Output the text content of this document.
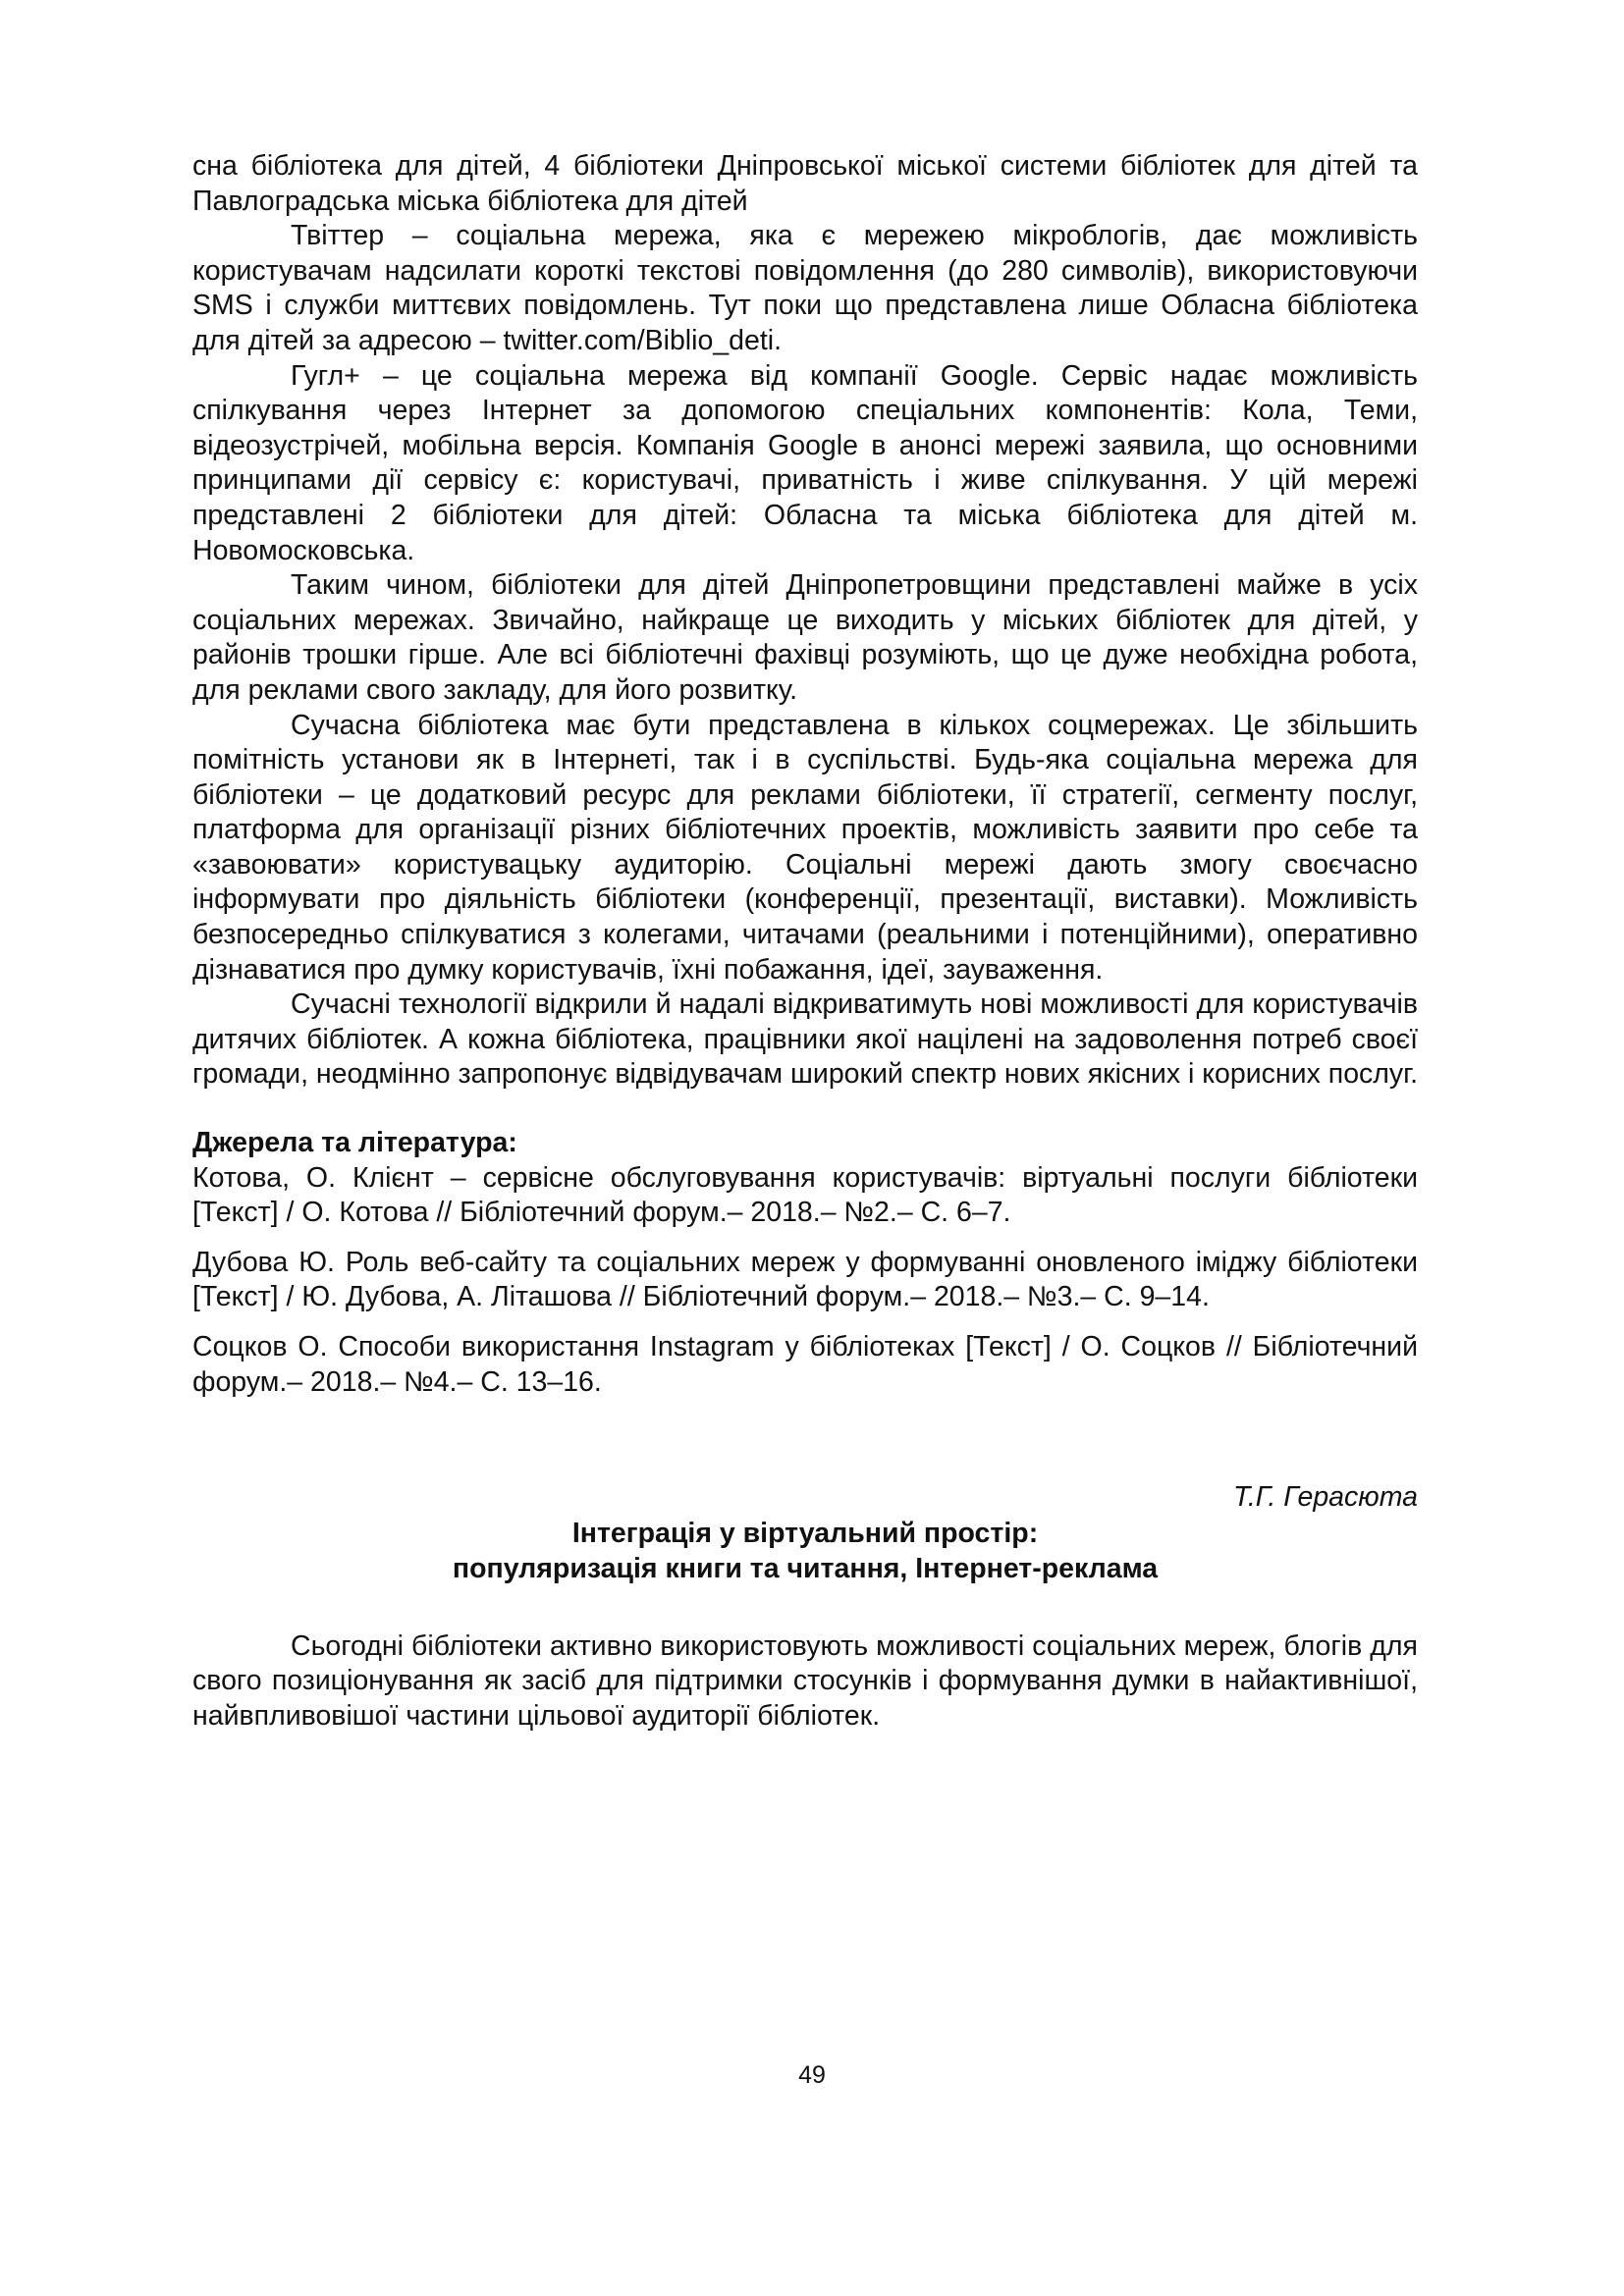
сна бібліотека для дітей, 4 бібліотеки Дніпровської міської системи бібліотек для дітей та Павлоградська міська бібліотека для дітей

Твіттер – соціальна мережа, яка є мережею мікроблогів, дає можливість користувачам надсилати короткі текстові повідомлення (до 280 символів), використовуючи SMS і служби миттєвих повідомлень. Тут поки що представлена лише Обласна бібліотека для дітей за адресою – twitter.com/Biblio_deti.

Гугл+ – це соціальна мережа від компанії Google. Сервіс надає можливість спілкування через Інтернет за допомогою спеціальних компонентів: Кола, Теми, відеозустрічей, мобільна версія. Компанія Google в анонсі мережі заявила, що основними принципами дії сервісу є: користувачі, приватність і живе спілкування. У цій мережі представлені 2 бібліотеки для дітей: Обласна та міська бібліотека для дітей м. Новомосковська.

Таким чином, бібліотеки для дітей Дніпропетровщини представлені майже в усіх соціальних мережах. Звичайно, найкраще це виходить у міських бібліотек для дітей, у районів трошки гірше. Але всі бібліотечні фахівці розуміють, що це дуже необхідна робота, для реклами свого закладу, для його розвитку.

Сучасна бібліотека має бути представлена в кількох соцмережах. Це збільшить помітність установи як в Інтернеті, так і в суспільстві. Будь-яка соціальна мережа для бібліотеки – це додатковий ресурс для реклами бібліотеки, її стратегії, сегменту послуг, платформа для організації різних бібліотечних проектів, можливість заявити про себе та «завоювати» користувацьку аудиторію. Соціальні мережі дають змогу своєчасно інформувати про діяльність бібліотеки (конференції, презентації, виставки). Можливість безпосередньо спілкуватися з колегами, читачами (реальними і потенційними), оперативно дізнаватися про думку користувачів, їхні побажання, ідеї, зауваження.

Сучасні технології відкрили й надалі відкриватимуть нові можливості для користувачів дитячих бібліотек. А кожна бібліотека, працівники якої націлені на задоволення потреб своєї громади, неодмінно запропонує відвідувачам широкий спектр нових якісних і корисних послуг.

Джерела та література:

Котова, О. Клієнт – сервісне обслуговування користувачів: віртуальні послуги бібліотеки [Текст] / О. Котова // Бібліотечний форум.– 2018.– №2.– С. 6–7.

Дубова Ю. Роль веб-сайту та соціальних мереж у формуванні оновленого іміджу бібліотеки [Текст] / Ю. Дубова, А. Літашова // Бібліотечний форум.– 2018.– №3.– С. 9–14.

Соцков О. Способи використання Instagram у бібліотеках [Текст] / О. Соцков // Бібліотечний форум.– 2018.– №4.– С. 13–16.

Т.Г. Герасюта

Інтеграція у віртуальний простір:

популяризація книги та читання, Інтернет-реклама

Сьогодні бібліотеки активно використовують можливості соціальних мереж, блогів для свого позиціонування як засіб для підтримки стосунків і формування думки в найактивнішої, найвпливовішої частини цільової аудиторії бібліотек.

49
